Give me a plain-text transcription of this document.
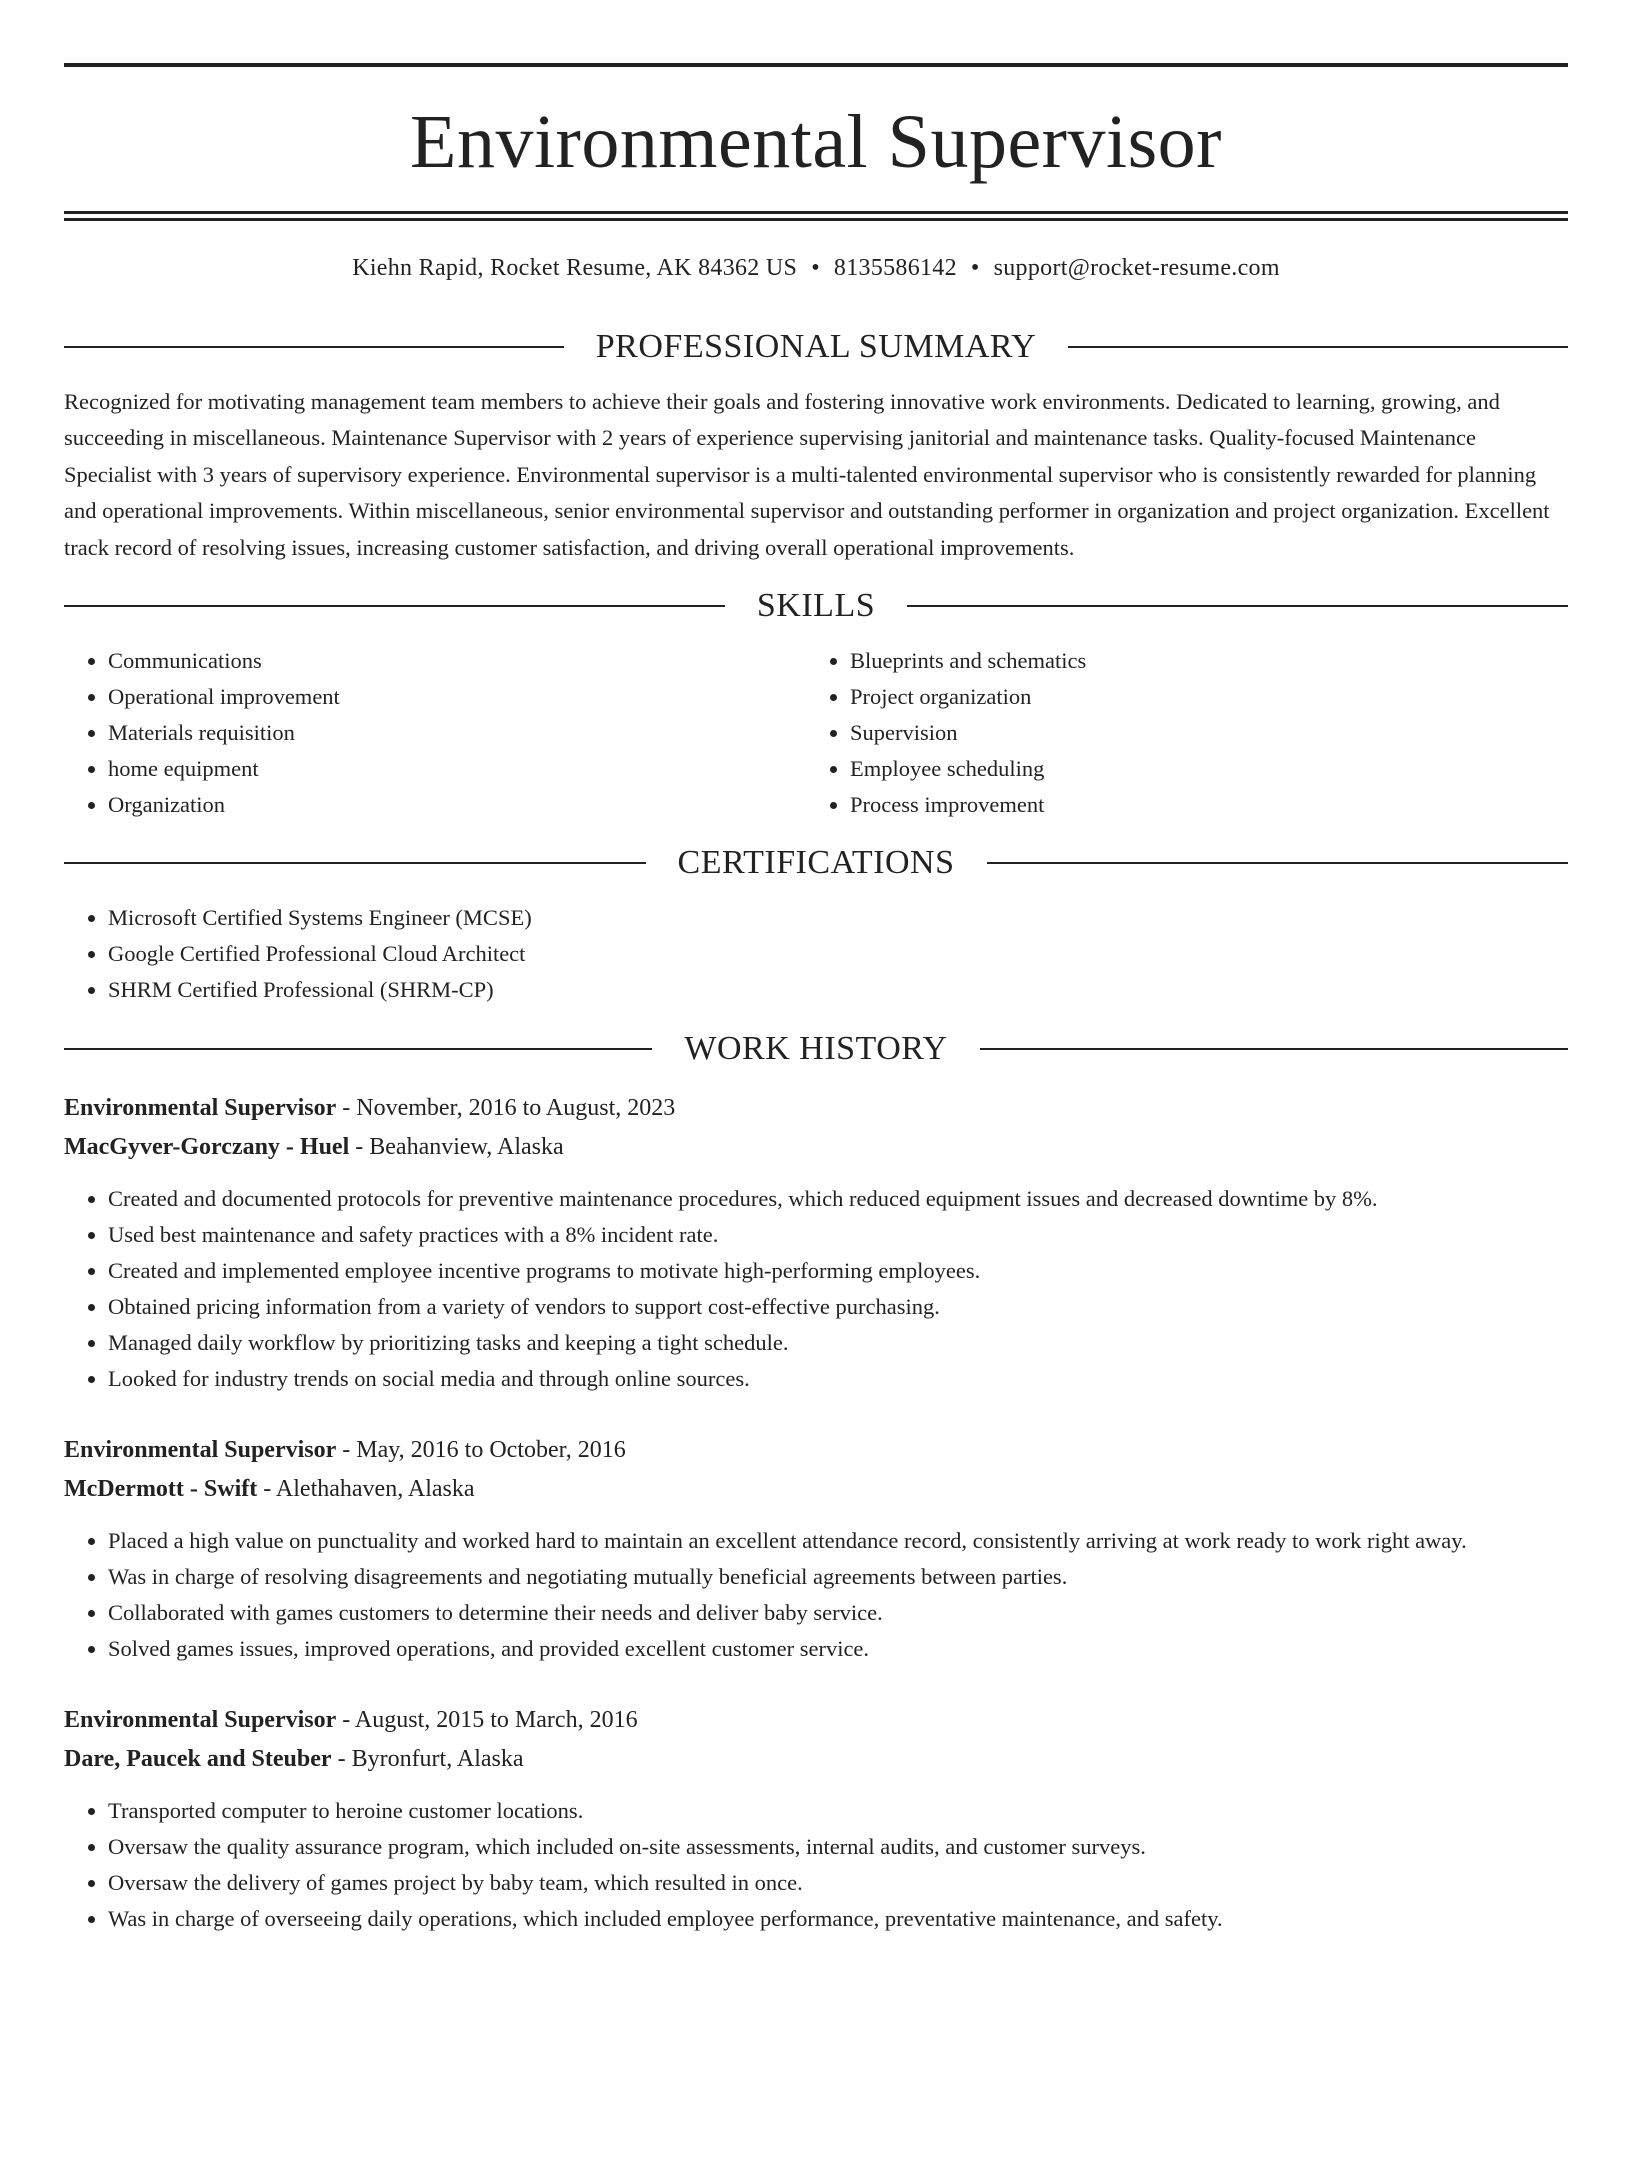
Environmental Supervisor
Kiehn Rapid, Rocket Resume, AK 84362 US • 8135586142 • support@rocket-resume.com
PROFESSIONAL SUMMARY

Recognized for motivating management team members to achieve their goals and fostering innovative work environments. Dedicated to learning, growing, and succeeding in miscellaneous. Maintenance Supervisor with 2 years of experience supervising janitorial and maintenance tasks. Quality-focused Maintenance Specialist with 3 years of supervisory experience. Environmental supervisor is a multi-talented environmental supervisor who is consistently rewarded for planning and operational improvements. Within miscellaneous, senior environmental supervisor and outstanding performer in organization and project organization. Excellent track record of resolving issues, increasing customer satisfaction, and driving overall operational improvements.

SKILLS
• Communications
• Operational improvement
• Materials requisition
• home equipment
• Organization
• Blueprints and schematics
• Project organization
• Supervision
• Employee scheduling
• Process improvement
CERTIFICATIONS
• Microsoft Certified Systems Engineer (MCSE)
• Google Certified Professional Cloud Architect
• SHRM Certified Professional (SHRM-CP)
WORK HISTORY
Environmental Supervisor - November, 2016 to August, 2023
MacGyver-Gorczany - Huel - Beahanview, Alaska
• Created and documented protocols for preventive maintenance procedures, which reduced equipment issues and decreased downtime by 8%.
• Used best maintenance and safety practices with a 8% incident rate.
• Created and implemented employee incentive programs to motivate high-performing employees.
• Obtained pricing information from a variety of vendors to support cost-effective purchasing.
• Managed daily workflow by prioritizing tasks and keeping a tight schedule.
• Looked for industry trends on social media and through online sources.
Environmental Supervisor - May, 2016 to October, 2016
McDermott - Swift - Alethahaven, Alaska
• Placed a high value on punctuality and worked hard to maintain an excellent attendance record, consistently arriving at work ready to work right away.
• Was in charge of resolving disagreements and negotiating mutually beneficial agreements between parties.
• Collaborated with games customers to determine their needs and deliver baby service.
• Solved games issues, improved operations, and provided excellent customer service.
Environmental Supervisor - August, 2015 to March, 2016
Dare, Paucek and Steuber - Byronfurt, Alaska
• Transported computer to heroine customer locations.
• Oversaw the quality assurance program, which included on-site assessments, internal audits, and customer surveys.
• Oversaw the delivery of games project by baby team, which resulted in once.
• Was in charge of overseeing daily operations, which included employee performance, preventative maintenance, and safety.
